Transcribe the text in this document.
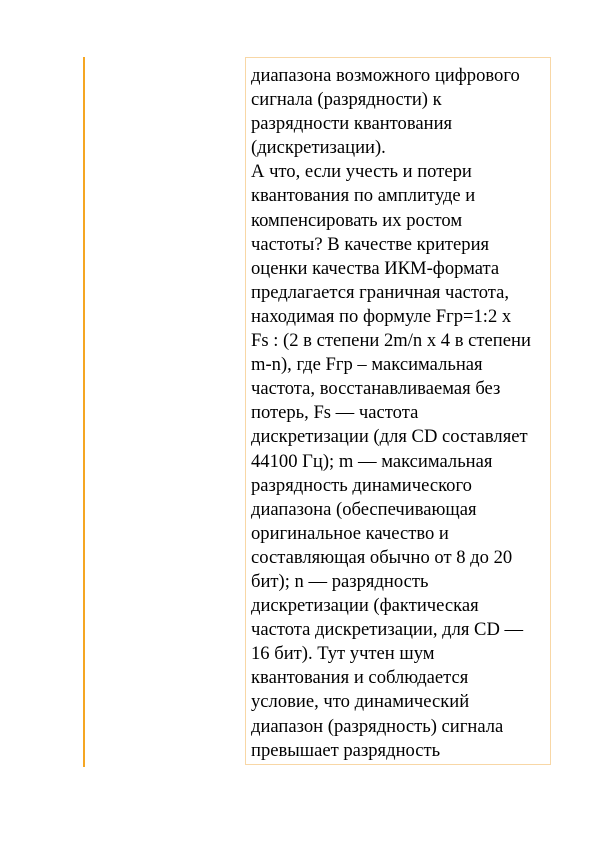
диапазона возможного цифрового
сигнала (разрядности) к
разрядности квантования
(дискретизации).

А что, если учесть и потери
квантования по амплитуде и
компенсировать их ростом
частоты? В качестве критерия
оценки качества ИКМ-формата
предлагается граничная частота,
находимая по формуле Fгр=1:2 x
Fs : (2 в степени 2m/n x 4 в степени
m-n), где Fгр – максимальная
частота, восстанавливаемая без
потерь, Fs — частота
дискретизации (для CD составляет
44100 Гц); m — максимальная
разрядность динамического
диапазона (обеспечивающая
оригинальное качество и
составляющая обычно от 8 до 20
бит); n — разрядность
дискретизации (фактическая
частота дискретизации, для CD —
16 бит). Тут учтен шум
квантования и соблюдается
условие, что динамический
диапазон (разрядность) сигнала
превышает разрядность
